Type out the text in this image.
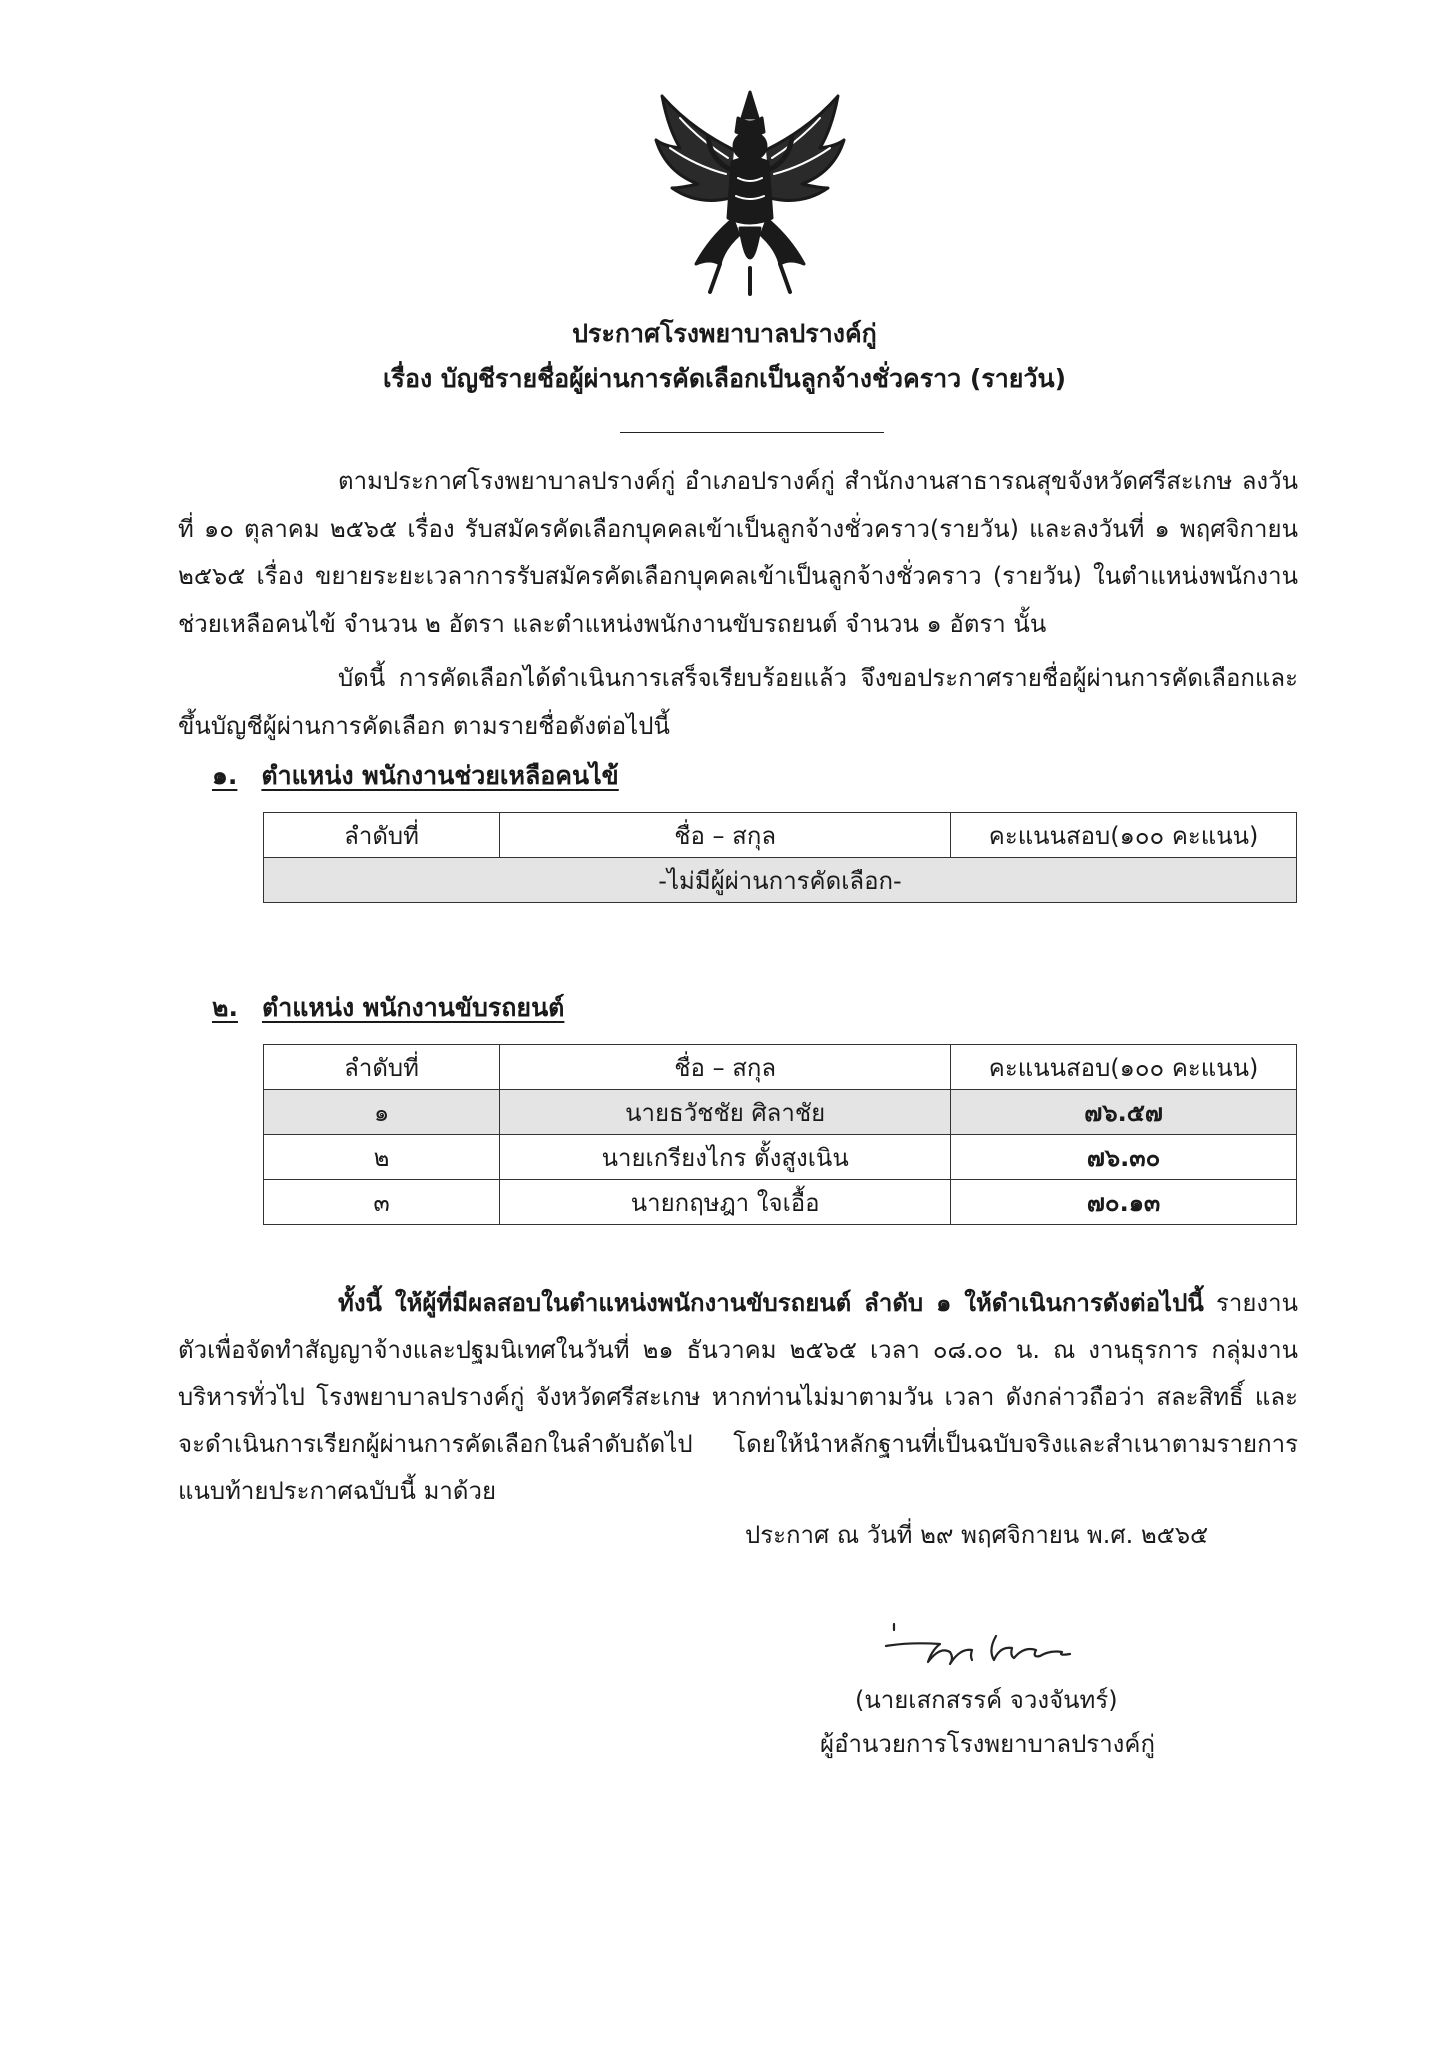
ประกาศโรงพยาบาลปรางค์กู่
เรื่อง บัญชีรายชื่อผู้ผ่านการคัดเลือกเป็นลูกจ้างชั่วคราว (รายวัน)

ตามประกาศโรงพยาบาลปรางค์กู่ อำเภอปรางค์กู่ สำนักงานสาธารณสุขจังหวัดศรีสะเกษ ลงวันที่ ๑๐ ตุลาคม ๒๕๖๕ เรื่อง รับสมัครคัดเลือกบุคคลเข้าเป็นลูกจ้างชั่วคราว(รายวัน) และลงวันที่ ๑ พฤศจิกายน ๒๕๖๕ เรื่อง ขยายระยะเวลาการรับสมัครคัดเลือกบุคคลเข้าเป็นลูกจ้างชั่วคราว (รายวัน) ในตำแหน่งพนักงานช่วยเหลือคนไข้ จำนวน ๒ อัตรา และตำแหน่งพนักงานขับรถยนต์ จำนวน ๑ อัตรา นั้น

บัดนี้ การคัดเลือกได้ดำเนินการเสร็จเรียบร้อยแล้ว จึงขอประกาศรายชื่อผู้ผ่านการคัดเลือกและขึ้นบัญชีผู้ผ่านการคัดเลือก ตามรายชื่อดังต่อไปนี้

๑. ตำแหน่ง พนักงานช่วยเหลือคนไข้
ลำดับที่	ชื่อ – สกุล	คะแนนสอบ(๑๐๐ คะแนน)
-ไม่มีผู้ผ่านการคัดเลือก-
๒. ตำแหน่ง พนักงานขับรถยนต์
ลำดับที่	ชื่อ – สกุล	คะแนนสอบ(๑๐๐ คะแนน)
๑	นายธวัชชัย ศิลาชัย	๗๖.๕๗
๒	นายเกรียงไกร ตั้งสูงเนิน	๗๖.๓๐
๓	นายกฤษฎา ใจเอื้อ	๗๐.๑๓

ทั้งนี้ ให้ผู้ที่มีผลสอบในตำแหน่งพนักงานขับรถยนต์ ลำดับ ๑ ให้ดำเนินการดังต่อไปนี้ รายงานตัวเพื่อจัดทำสัญญาจ้างและปฐมนิเทศในวันที่ ๒๑ ธันวาคม ๒๕๖๕ เวลา ๐๘.๐๐ น. ณ งานธุรการ กลุ่มงานบริหารทั่วไป โรงพยาบาลปรางค์กู่ จังหวัดศรีสะเกษ หากท่านไม่มาตามวัน เวลา ดังกล่าวถือว่า สละสิทธิ์ และจะดำเนินการเรียกผู้ผ่านการคัดเลือกในลำดับถัดไป โดยให้นำหลักฐานที่เป็นฉบับจริงและสำเนาตามรายการแนบท้ายประกาศฉบับนี้ มาด้วย

ประกาศ ณ วันที่ ๒๙ พฤศจิกายน พ.ศ. ๒๕๖๕
(นายเสกสรรค์ จวงจันทร์)
ผู้อำนวยการโรงพยาบาลปรางค์กู่
